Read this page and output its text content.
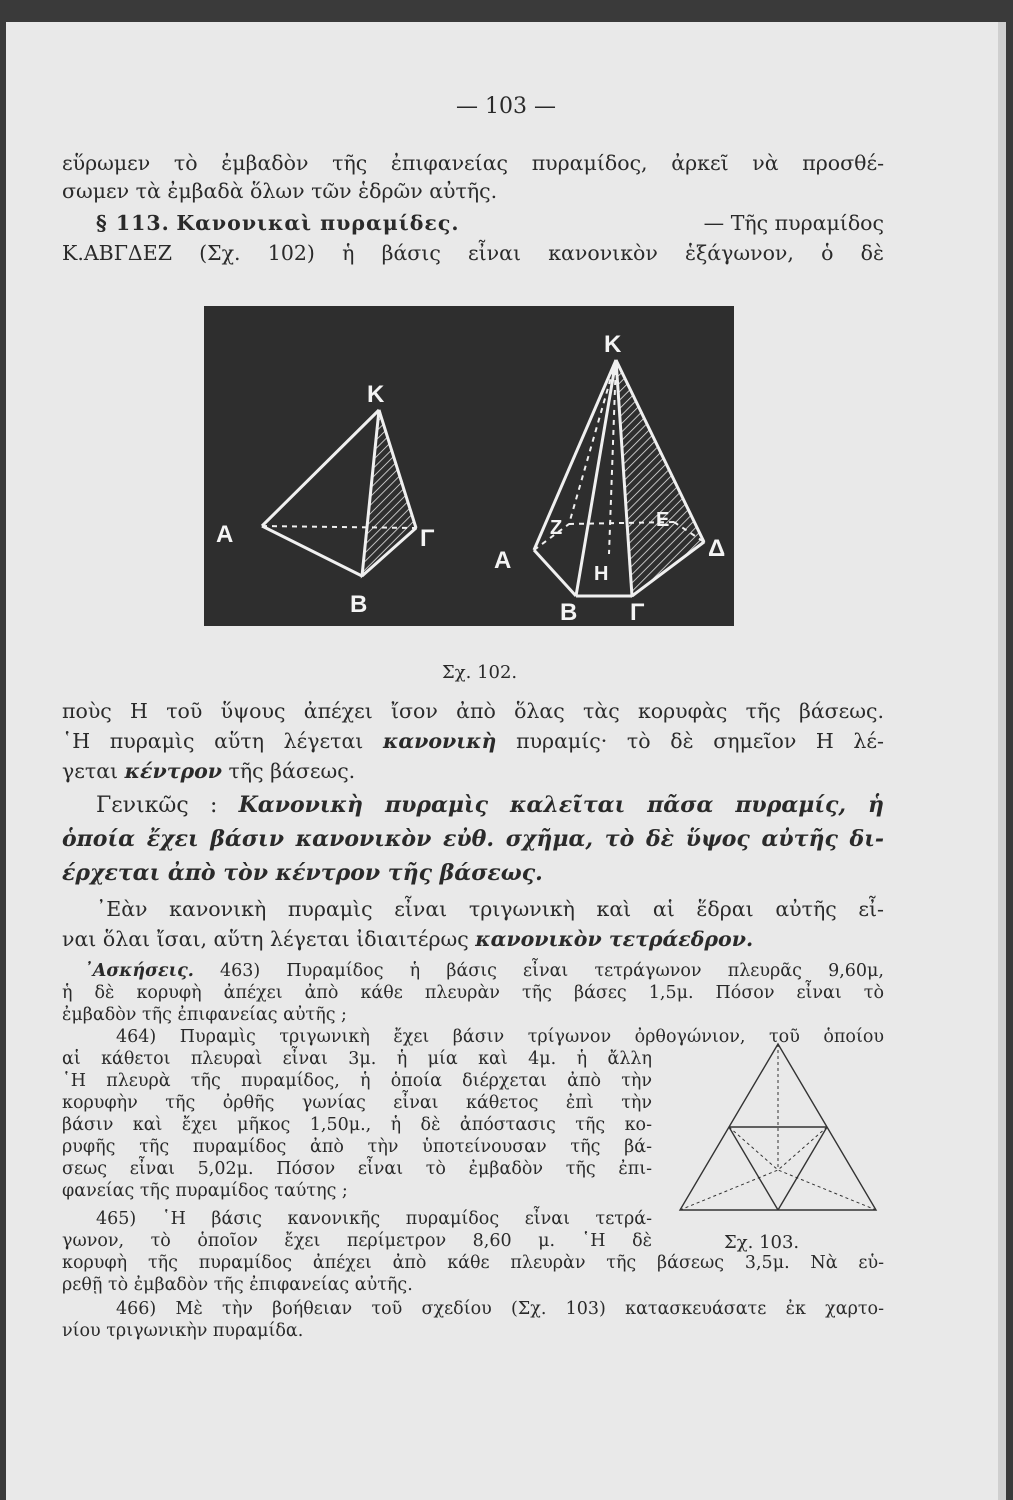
— 103 —
εὕρωμεν τὸ ἐμβαδὸν τῆς ἐπιφανείας πυραμίδος, ἀρκεῖ νὰ προσθέ-
σωμεν τὰ ἐμβαδὰ ὅλων τῶν ἑδρῶν αὐτῆς.
§ 113. Κανονικαὶ πυραμίδες.	— Τῆς πυραμίδος
Κ.ΑΒΓΔΕΖ (Σχ. 102) ἡ βάσις εἶναι κανονικὸν ἑξάγωνον, ὁ δὲ
Κ
Α	Γ
Β
Κ
Ζ	Ε
Α	Η
Δ
Β Γ
Σχ. 102.
ποὺς Η τοῦ ὕψους ἀπέχει ἴσον ἀπὸ ὅλας τὰς κορυφὰς τῆς βάσεως.
῾Η πυραμὶς αὕτη λέγεται κανονικὴ πυραμίς· τὸ δὲ σημεῖον Η λέ-
γεται κέντρον τῆς βάσεως.
Γενικῶς : Κανονικὴ πυραμὶς καλεῖται πᾶσα πυραμίς, ἡ
ὁποία ἔχει βάσιν κανονικὸν εὐθ. σχῆμα, τὸ δὲ ὕψος αὐτῆς δι-
έρχεται ἀπὸ τὸν κέντρον τῆς βάσεως.
᾿Εὰν κανονικὴ πυραμὶς εἶναι τριγωνικὴ καὶ αἱ ἕδραι αὐτῆς εἶ-
ναι ὅλαι ἴσαι, αὕτη λέγεται ἰδιαιτέρως κανονικὸν τετράεδρον.
᾿Ασκήσεις. 463) Πυραμίδος ἡ βάσις εἶναι τετράγωνον πλευρᾶς 9,60μ,
ἡ δὲ κορυφὴ ἀπέχει ἀπὸ κάθε πλευρὰν τῆς βάσες 1,5μ. Πόσον εἶναι τὸ
ἐμβαδὸν τῆς ἐπιφανείας αὐτῆς ;
464) Πυραμὶς τριγωνικὴ ἔχει βάσιν τρίγωνον ὀρθογώνιον, τοῦ ὁποίου
αἱ κάθετοι πλευραὶ εἶναι 3μ. ἡ μία καὶ 4μ. ἡ ἄλλη
῾Η πλευρὰ τῆς πυραμίδος, ἡ ὁποία διέρχεται ἀπὸ τὴν
κορυφὴν τῆς ὀρθῆς γωνίας εἶναι κάθετος ἐπὶ τὴν
βάσιν καὶ ἔχει μῆκος 1,50μ., ἡ δὲ ἀπόστασις τῆς κο-
ρυφῆς τῆς πυραμίδος ἀπὸ τὴν ὑποτείνουσαν τῆς βά-
σεως εἶναι 5,02μ. Πόσον εἶναι τὸ ἐμβαδὸν τῆς ἐπι-
φανείας τῆς πυραμίδος ταύτης ;
465) ῾Η βάσις κανονικῆς πυραμίδος εἶναι τετρά-
γωνον, τὸ ὁποῖον ἔχει περίμετρον 8,60 μ. ῾Η δὲ
κορυφὴ τῆς πυραμίδος ἀπέχει ἀπὸ κάθε πλευρὰν τῆς βάσεως 3,5μ. Νὰ εὑ-
ρεθῇ τὸ ἐμβαδὸν τῆς ἐπιφανείας αὐτῆς.
466) Μὲ τὴν βοήθειαν τοῦ σχεδίου (Σχ. 103) κατασκευάσατε ἐκ χαρτο-
νίου τριγωνικὴν πυραμίδα.
Σχ. 103.
